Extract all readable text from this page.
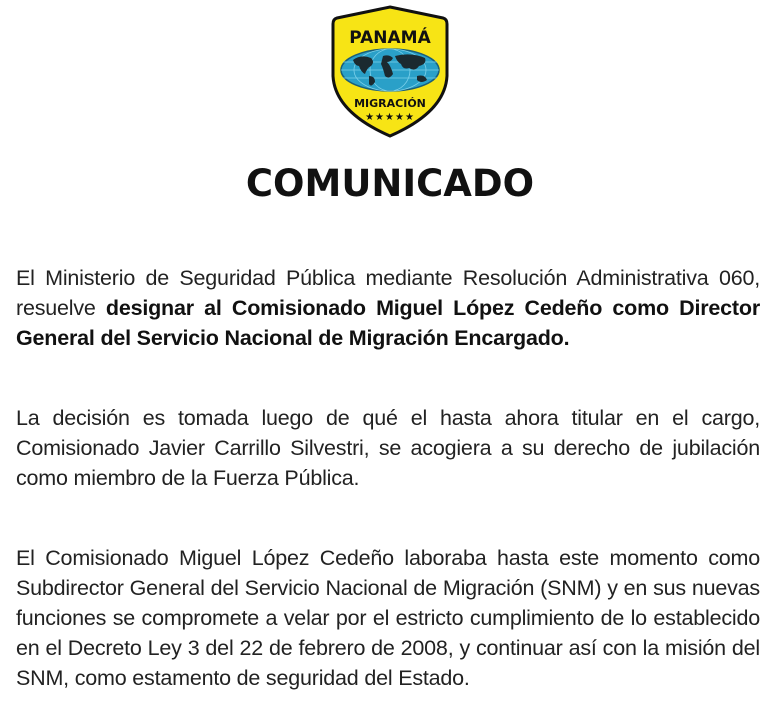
PANAMÁ
MIGRACIÓN
★★★★★
COMUNICADO

El Ministerio de Seguridad Pública mediante Resolución Administrativa 060, resuelve designar al Comisionado Miguel López Cedeño como Director General del Servicio Nacional de Migración Encargado.

La decisión es tomada luego de qué el hasta ahora titular en el cargo, Comisionado Javier Carrillo Silvestri, se acogiera a su derecho de jubilación como miembro de la Fuerza Pública.

El Comisionado Miguel López Cedeño laboraba hasta este momento como Subdirector General del Servicio Nacional de Migración (SNM) y en sus nuevas funciones se compromete a velar por el estricto cumplimiento de lo establecido en el Decreto Ley 3 del 22 de febrero de 2008, y continuar así con la misión del SNM, como estamento de seguridad del Estado.
